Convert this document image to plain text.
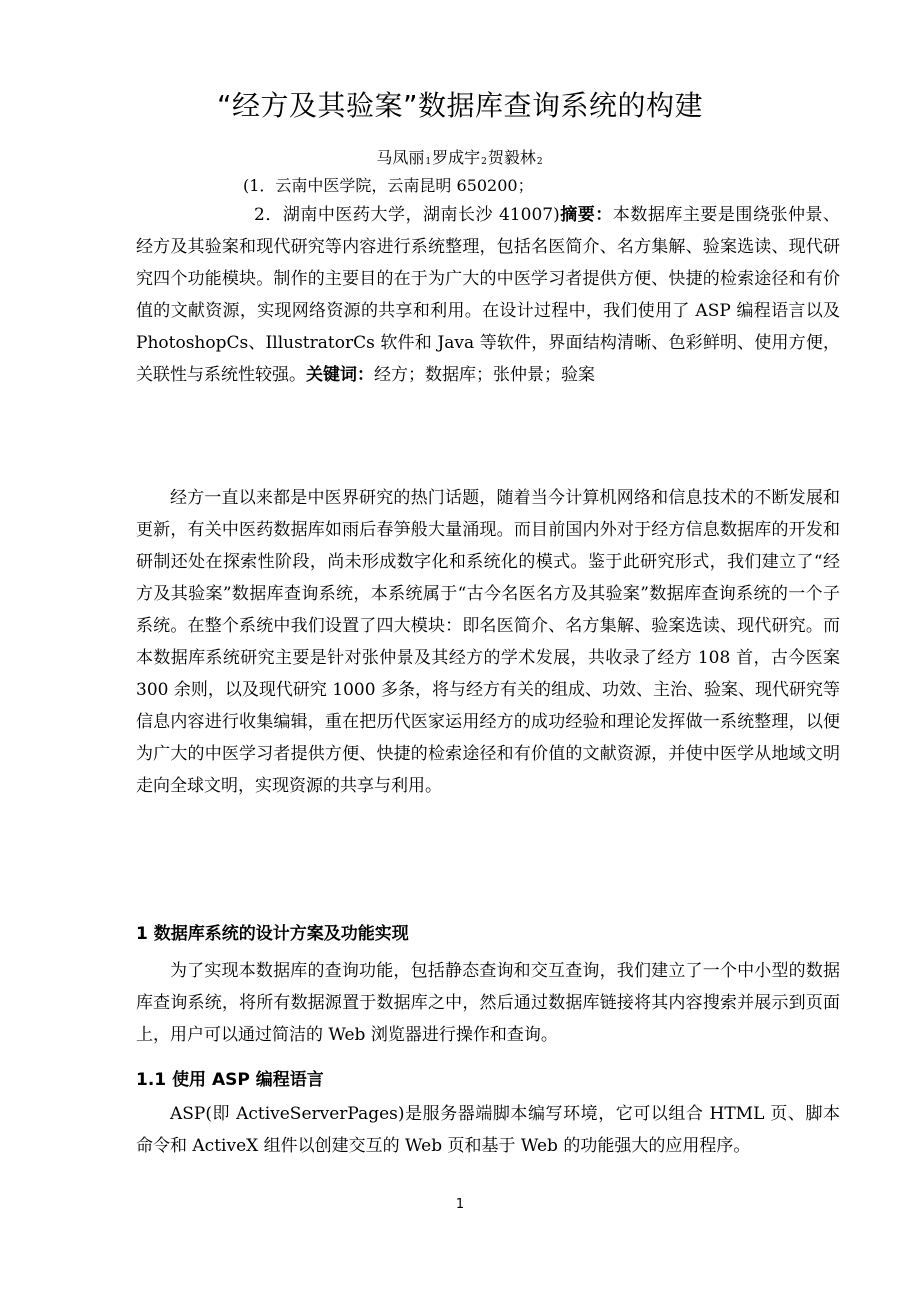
“经方及其验案”数据库查询系统的构建
马凤丽$_1$罗成宇$_2$贺毅林$_2$
(1．云南中医学院，云南昆明 650200；
2．湖南中医药大学，湖南长沙 41007)摘要：本数据库主要是围绕张仲景、经方及其验案和现代研究等内容进行系统整理，包括名医简介、名方集解、验案选读、现代研究四个功能模块。制作的主要目的在于为广大的中医学习者提供方便、快捷的检索途径和有价值的文献资源，实现网络资源的共享和利用。在设计过程中，我们使用了 ASP 编程语言以及 PhotoshopCs、IllustratorCs 软件和 Java 等软件，界面结构清晰、色彩鲜明、使用方便，关联性与系统性较强。关键词：经方；数据库；张仲景；验案
经方一直以来都是中医界研究的热门话题，随着当今计算机网络和信息技术的不断发展和更新，有关中医药数据库如雨后春笋般大量涌现。而目前国内外对于经方信息数据库的开发和研制还处在探索性阶段，尚未形成数字化和系统化的模式。鉴于此研究形式，我们建立了“经方及其验案”数据库查询系统，本系统属于“古今名医名方及其验案”数据库查询系统的一个子系统。在整个系统中我们设置了四大模块：即名医简介、名方集解、验案选读、现代研究。而本数据库系统研究主要是针对张仲景及其经方的学术发展，共收录了经方 108 首，古今医案 300 余则，以及现代研究 1000 多条，将与经方有关的组成、功效、主治、验案、现代研究等信息内容进行收集编辑，重在把历代医家运用经方的成功经验和理论发挥做一系统整理，以便为广大的中医学习者提供方便、快捷的检索途径和有价值的文献资源，并使中医学从地域文明走向全球文明，实现资源的共享与利用。
1 数据库系统的设计方案及功能实现
为了实现本数据库的查询功能，包括静态查询和交互查询，我们建立了一个中小型的数据库查询系统，将所有数据源置于数据库之中，然后通过数据库链接将其内容搜索并展示到页面上，用户可以通过简洁的 Web 浏览器进行操作和查询。
1.1 使用 ASP 编程语言
ASP(即 ActiveServerPages)是服务器端脚本编写环境，它可以组合 HTML 页、脚本命令和 ActiveX 组件以创建交互的 Web 页和基于 Web 的功能强大的应用程序。
1
